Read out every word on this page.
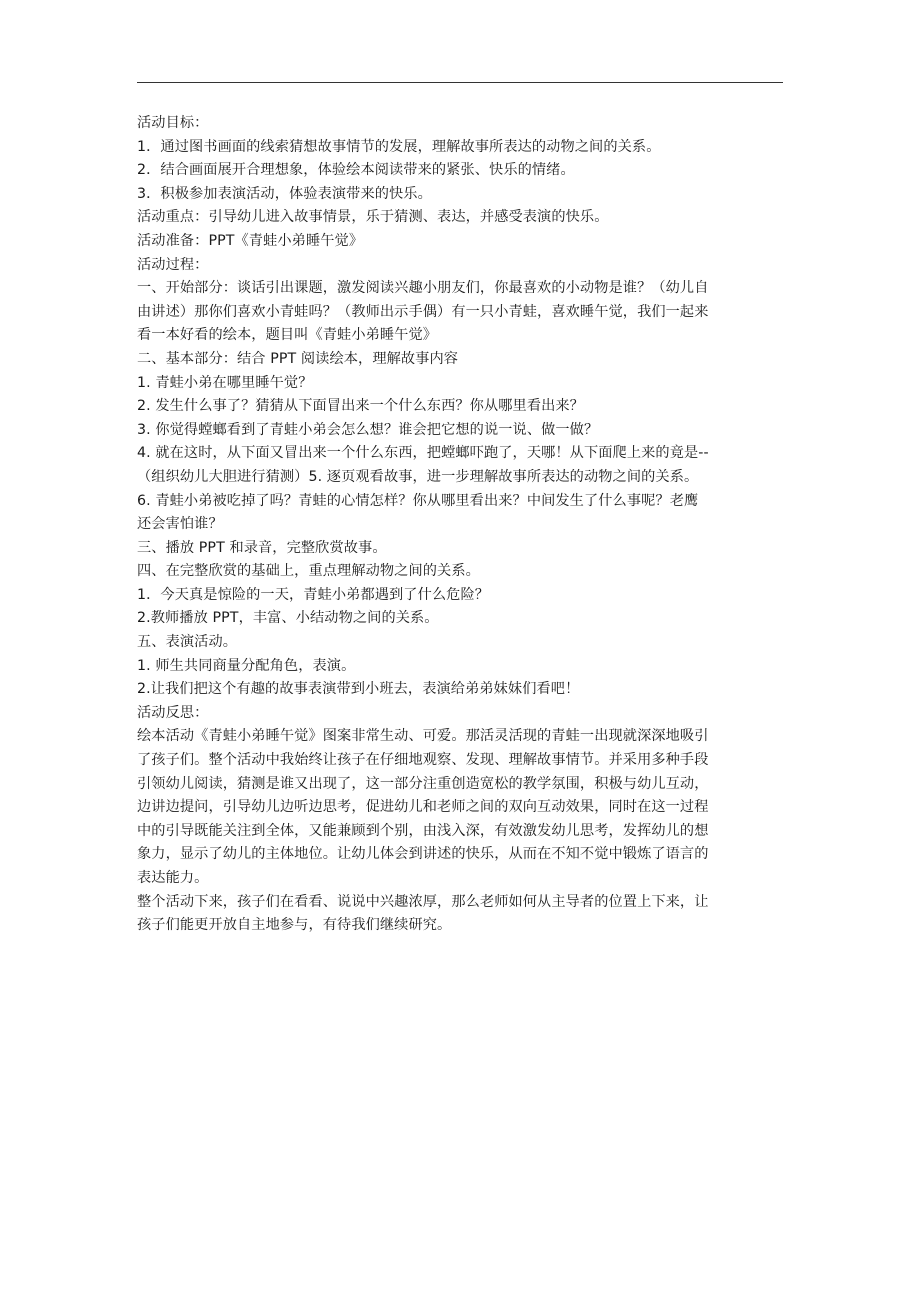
活动目标：
1．通过图书画面的线索猜想故事情节的发展，理解故事所表达的动物之间的关系。
2．结合画面展开合理想象，体验绘本阅读带来的紧张、快乐的情绪。
3．积极参加表演活动，体验表演带来的快乐。
活动重点：引导幼儿进入故事情景，乐于猜测、表达，并感受表演的快乐。
活动准备：PPT《青蛙小弟睡午觉》
活动过程：
一、开始部分：谈话引出课题，激发阅读兴趣小朋友们，你最喜欢的小动物是谁？（幼儿自
由讲述）那你们喜欢小青蛙吗？（教师出示手偶）有一只小青蛙，喜欢睡午觉，我们一起来
看一本好看的绘本，题目叫《青蛙小弟睡午觉》
二、基本部分：结合 PPT 阅读绘本，理解故事内容
1. 青蛙小弟在哪里睡午觉？
2. 发生什么事了？猜猜从下面冒出来一个什么东西？你从哪里看出来？
3. 你觉得螳螂看到了青蛙小弟会怎么想？谁会把它想的说一说、做一做？
4. 就在这时，从下面又冒出来一个什么东西，把螳螂吓跑了，天哪！从下面爬上来的竟是--
（组织幼儿大胆进行猜测）5. 逐页观看故事，进一步理解故事所表达的动物之间的关系。
6. 青蛙小弟被吃掉了吗？青蛙的心情怎样？你从哪里看出来？中间发生了什么事呢？老鹰
还会害怕谁？
三、播放 PPT 和录音，完整欣赏故事。
四、在完整欣赏的基础上，重点理解动物之间的关系。
1．今天真是惊险的一天，青蛙小弟都遇到了什么危险？
2.教师播放 PPT，丰富、小结动物之间的关系。
五、表演活动。
1. 师生共同商量分配角色，表演。
2.让我们把这个有趣的故事表演带到小班去，表演给弟弟妹妹们看吧！
活动反思：
绘本活动《青蛙小弟睡午觉》图案非常生动、可爱。那活灵活现的青蛙一出现就深深地吸引
了孩子们。整个活动中我始终让孩子在仔细地观察、发现、理解故事情节。并采用多种手段
引领幼儿阅读，猜测是谁又出现了，这一部分注重创造宽松的教学氛围，积极与幼儿互动，
边讲边提问，引导幼儿边听边思考，促进幼儿和老师之间的双向互动效果，同时在这一过程
中的引导既能关注到全体，又能兼顾到个别，由浅入深，有效激发幼儿思考，发挥幼儿的想
象力，显示了幼儿的主体地位。让幼儿体会到讲述的快乐，从而在不知不觉中锻炼了语言的
表达能力。
整个活动下来，孩子们在看看、说说中兴趣浓厚，那么老师如何从主导者的位置上下来，让
孩子们能更开放自主地参与，有待我们继续研究。
